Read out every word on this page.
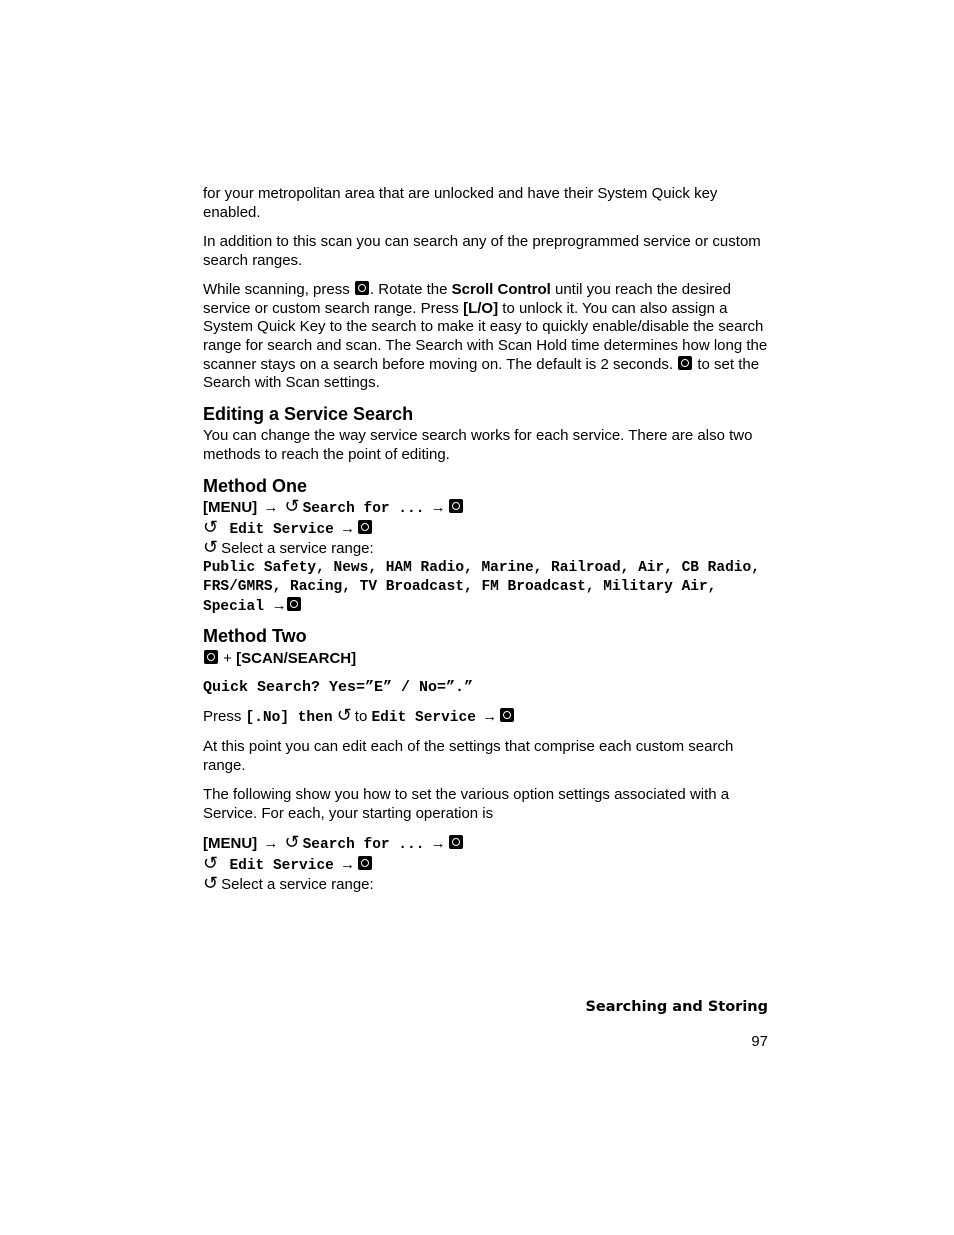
for your metropolitan area that are unlocked and have their System Quick key enabled.

In addition to this scan you can search any of the preprogrammed service or custom search ranges.

While scanning, press . Rotate the Scroll Control until you reach the desired service or custom search range. Press [L/O] to unlock it. You can also assign a System Quick Key to the search to make it easy to quickly enable/disable the search range for search and scan. The Search with Scan Hold time determines how long the scanner stays on a search before moving on. The default is 2 seconds. to set the Search with Scan settings.

Editing a Service Search

You can change the way service search works for each service. There are also two methods to reach the point of editing.

Method One
[MENU] → ↺ Search for ... →
↺ Edit Service →
↺ Select a service range:
Public Safety, News, HAM Radio, Marine, Railroad, Air, CB Radio, FRS/GMRS, Racing, TV Broadcast, FM Broadcast, Military Air, Special →
Method Two
+ [SCAN/SEARCH]
Quick Search? Yes=”E” / No=”.”
Press [.No] then ↺ to Edit Service →

At this point you can edit each of the settings that comprise each custom search range.

The following show you how to set the various option settings associated with a Service. For each, your starting operation is

[MENU] → ↺ Search for ... →
↺ Edit Service →
↺ Select a service range:
Searching and Storing
97
